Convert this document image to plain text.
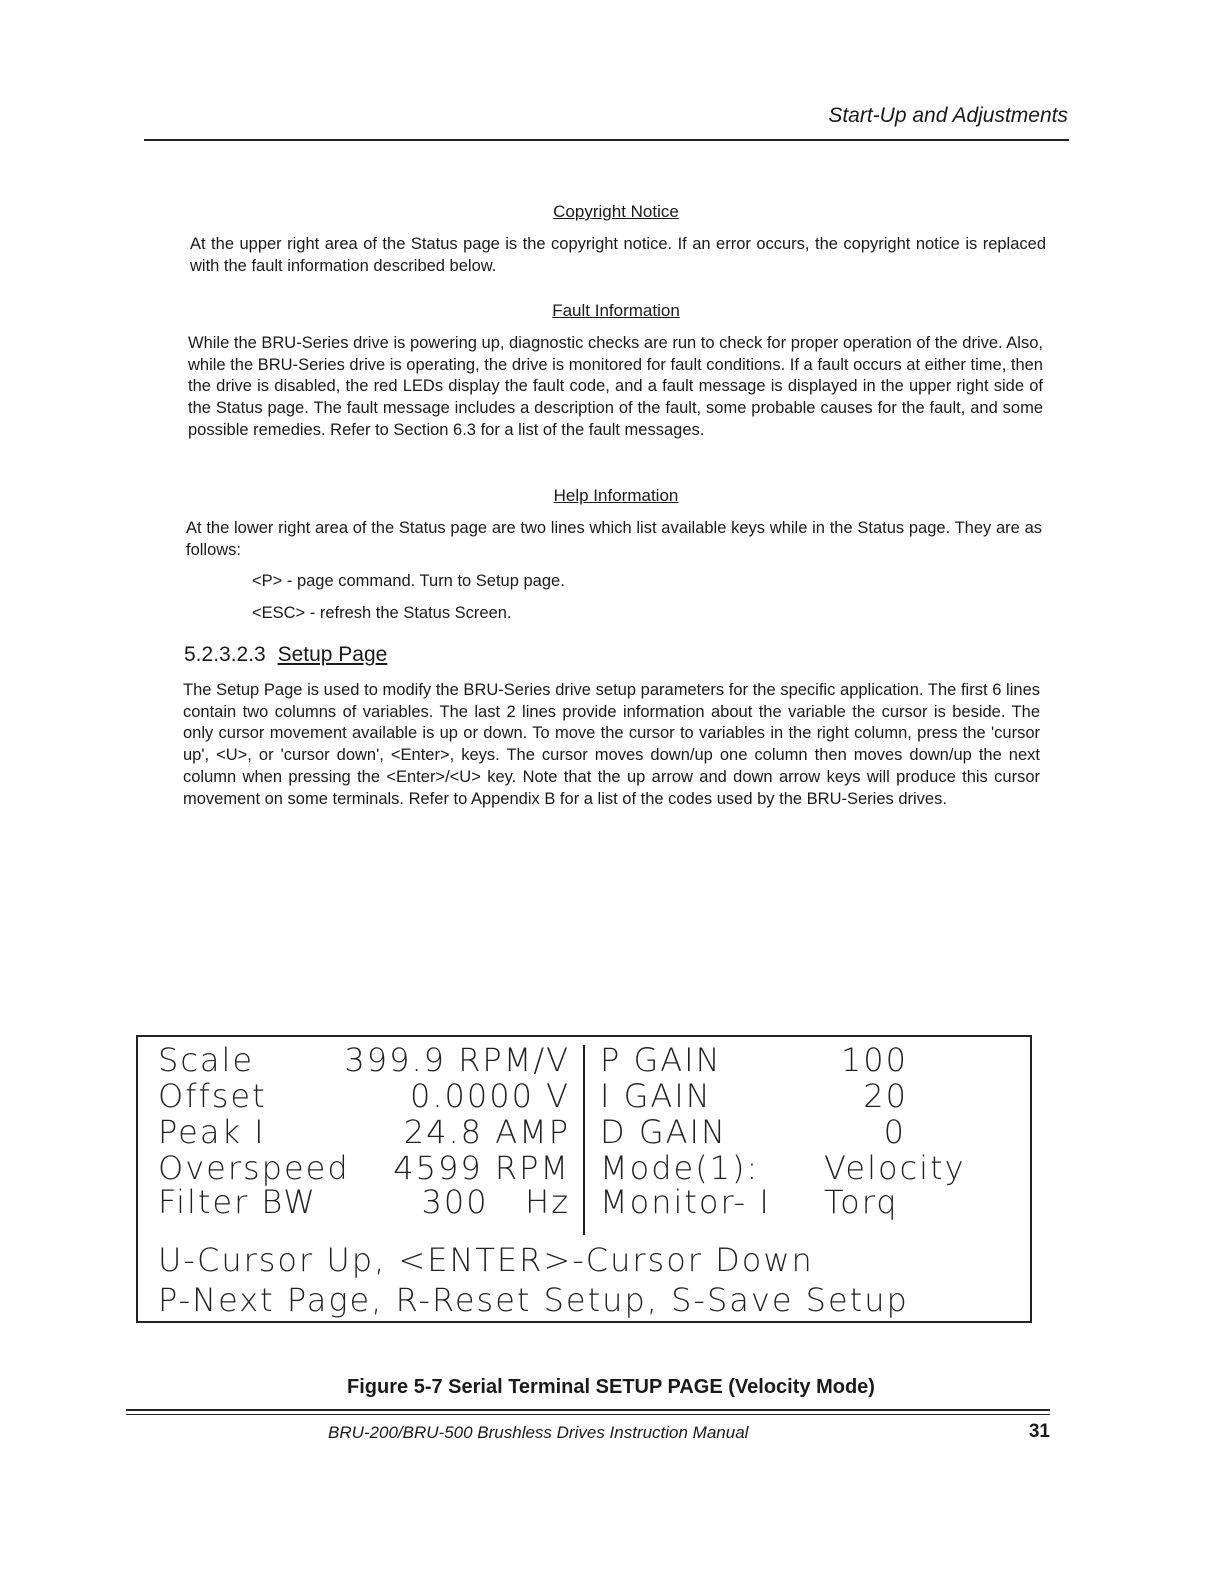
Start-Up and Adjustments
Copyright Notice
At the upper right area of the Status page is the copyright notice. If an error occurs, the copyright notice is replaced with the fault information described below.
Fault Information
While the BRU-Series drive is powering up, diagnostic checks are run to check for proper operation of the drive. Also, while the BRU-Series drive is operating, the drive is monitored for fault conditions. If a fault occurs at either time, then the drive is disabled, the red LEDs display the fault code, and a fault message is displayed in the upper right side of the Status page. The fault message includes a description of the fault, some probable causes for the fault, and some possible remedies. Refer to Section 6.3 for a list of the fault messages.
Help Information
At the lower right area of the Status page are two lines which list available keys while in the Status page. They are as follows:
<P> - page command. Turn to Setup page.
<ESC> - refresh the Status Screen.
5.2.3.2.3 Setup Page
The Setup Page is used to modify the BRU-Series drive setup parameters for the specific application. The first 6 lines contain two columns of variables. The last 2 lines provide information about the variable the cursor is beside. The only cursor movement available is up or down. To move the cursor to variables in the right column, press the 'cursor up', <U>, or 'cursor down', <Enter>, keys. The cursor moves down/up one column then moves down/up the next column when pressing the <Enter>/<U> key. Note that the up arrow and down arrow keys will produce this cursor movement on some terminals. Refer to Appendix B for a list of the codes used by the BRU-Series drives.
Scale
Offset
Peak I
Overspeed
Filter BW
399.9 RPM/V
0.0000 V
24.8 AMP
4599 RPM
300   Hz
P GAIN
I GAIN
D GAIN
Mode(1):
Monitor- I
100
20
0
Velocity
Torq
U-Cursor Up, <ENTER>-Cursor Down
P-Next Page, R-Reset Setup, S-Save Setup
Figure 5-7 Serial Terminal SETUP PAGE (Velocity Mode)
BRU-200/BRU-500 Brushless Drives Instruction Manual	31
